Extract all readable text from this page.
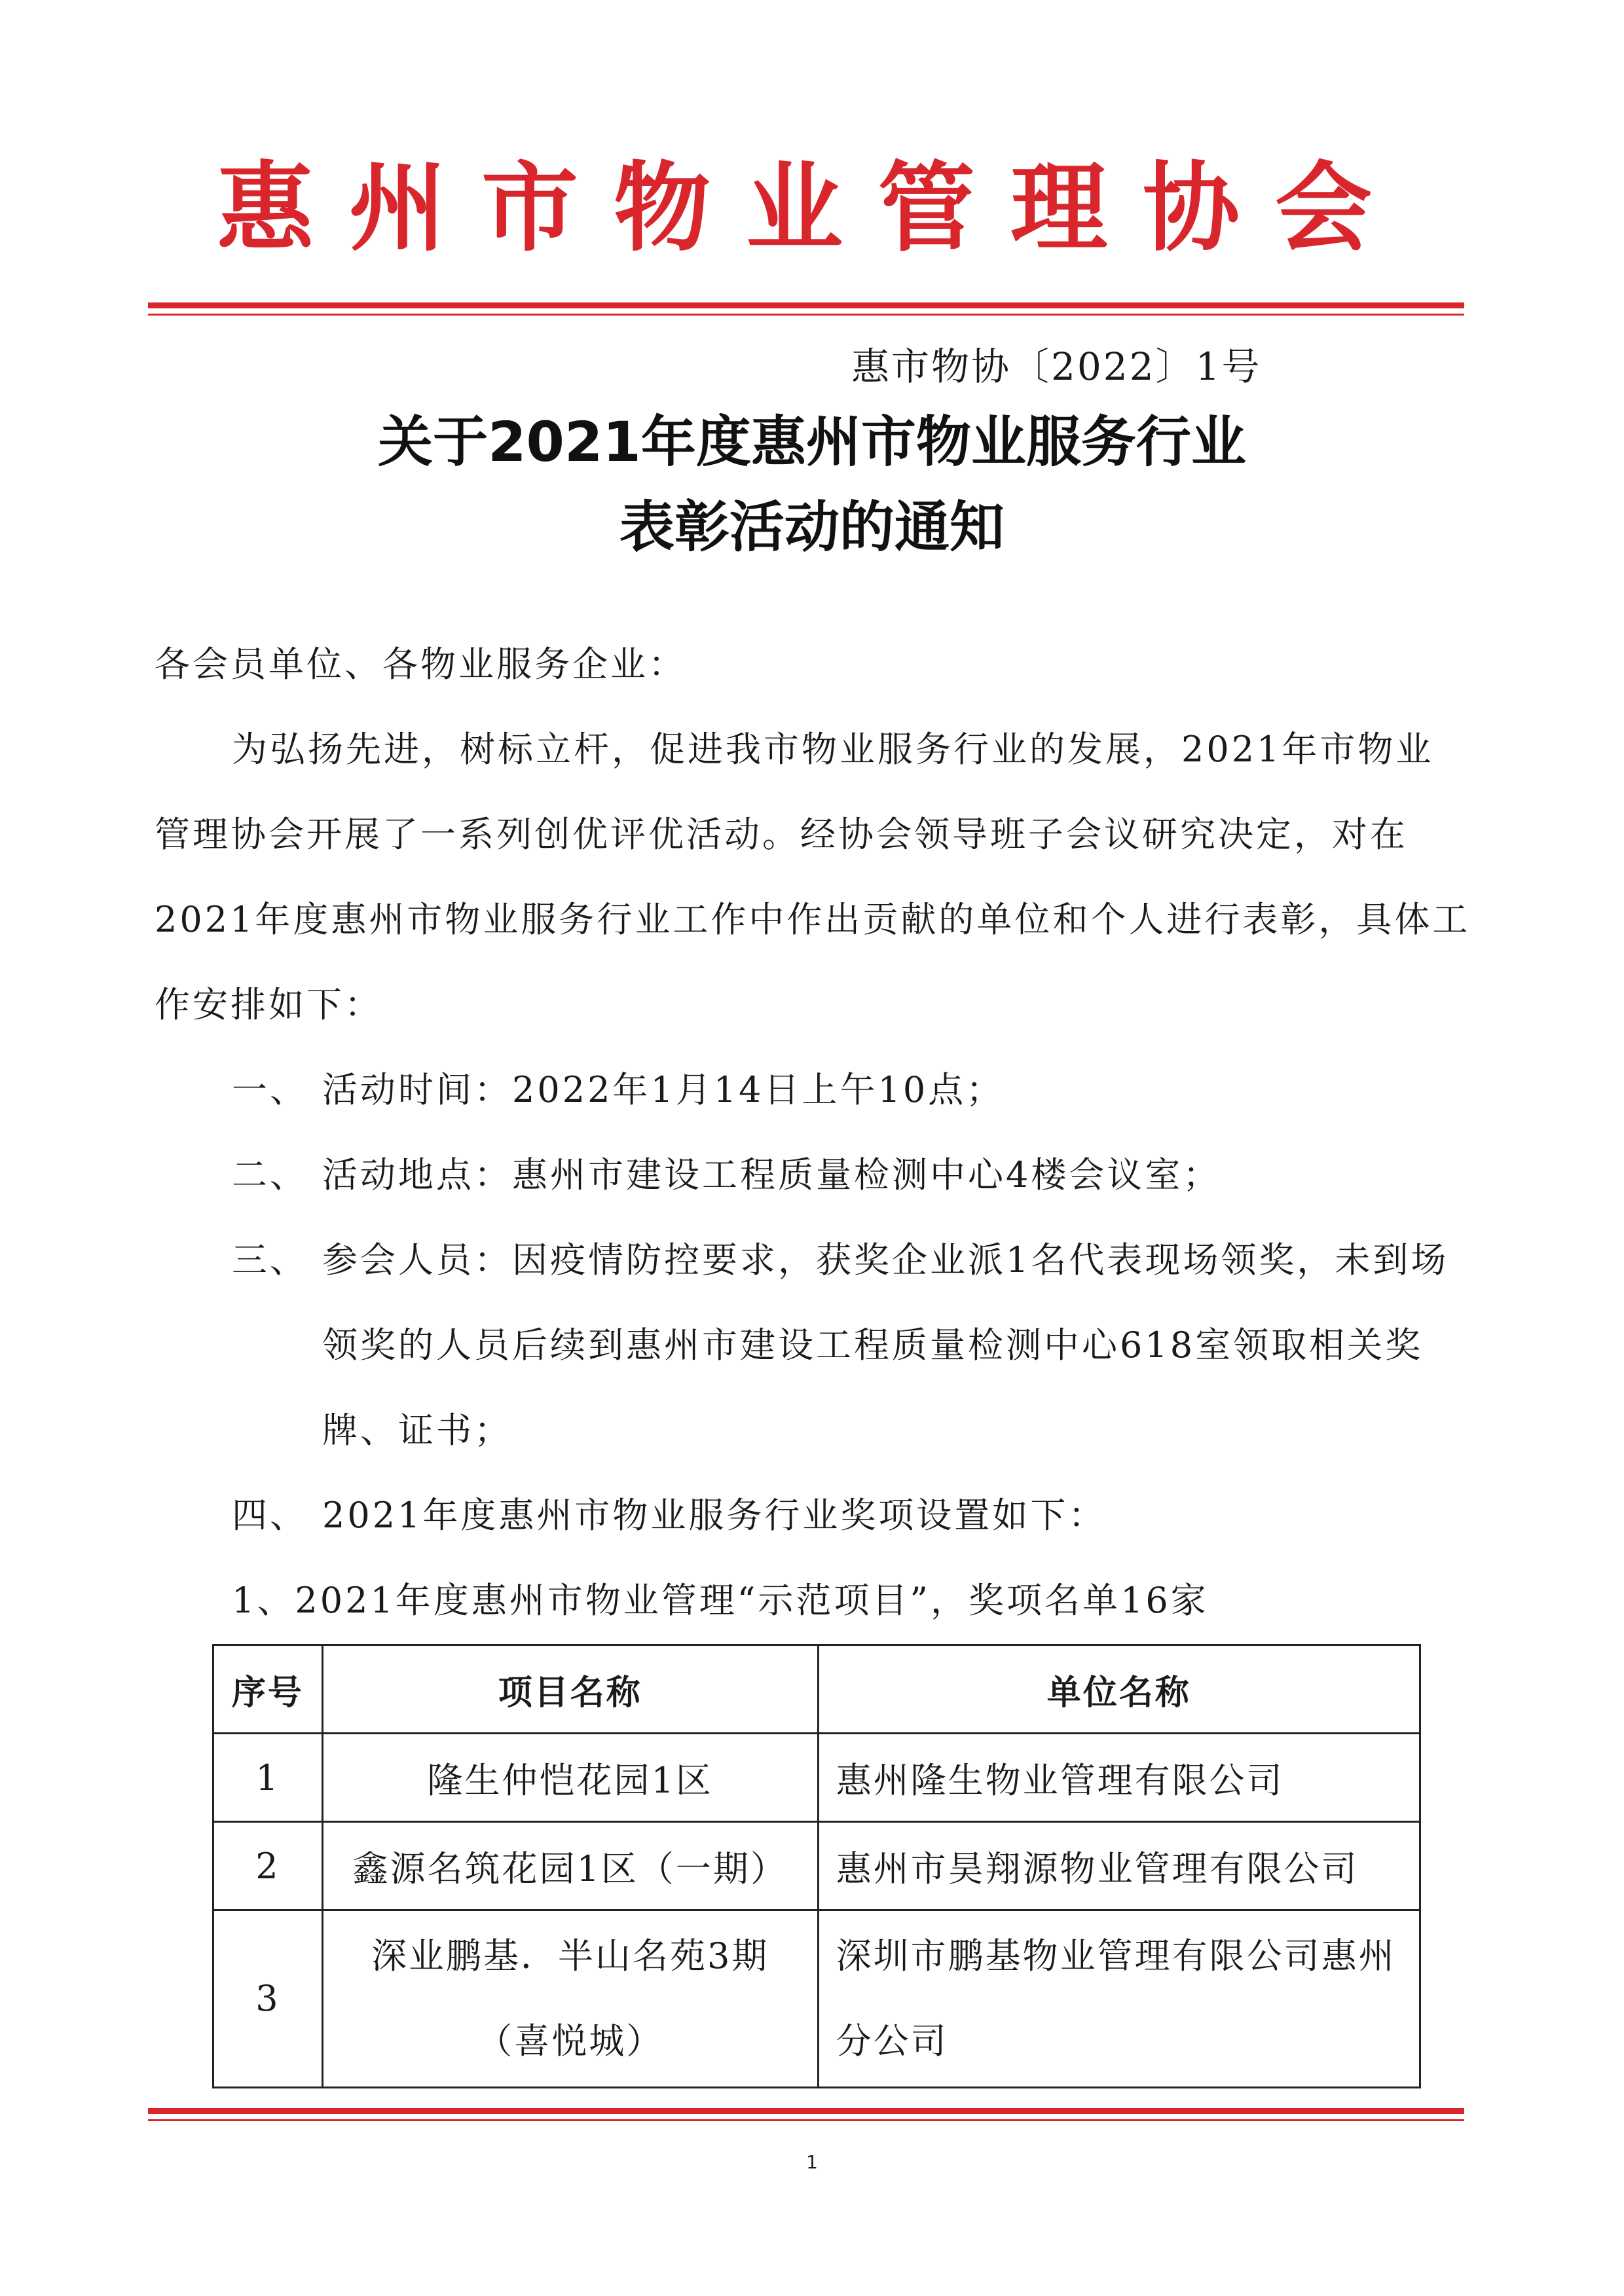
惠州市物业管理协会
惠市物协〔2022〕1号
关于2021年度惠州市物业服务行业
表彰活动的通知

各会员单位、各物业服务企业：

为弘扬先进，树标立杆，促进我市物业服务行业的发展，2021年市物业管理协会开展了一系列创优评优活动。经协会领导班子会议研究决定，对在2021年度惠州市物业服务行业工作中作出贡献的单位和个人进行表彰，具体工作安排如下：

一、 活动时间：2022年1月14日上午10点；
二、 活动地点：惠州市建设工程质量检测中心4楼会议室；
三、 参会人员：因疫情防控要求，获奖企业派1名代表现场领奖，未到场领奖的人员后续到惠州市建设工程质量检测中心618室领取相关奖牌、证书；
四、 2021年度惠州市物业服务行业奖项设置如下：

1、2021年度惠州市物业管理“示范项目”，奖项名单16家

序号	项目名称	单位名称
1	隆生仲恺花园1区	惠州隆生物业管理有限公司
2	鑫源名筑花园1区（一期）	惠州市昊翔源物业管理有限公司
3	深业鹏基．半山名苑3期（喜悦城）	深圳市鹏基物业管理有限公司惠州分公司
1
